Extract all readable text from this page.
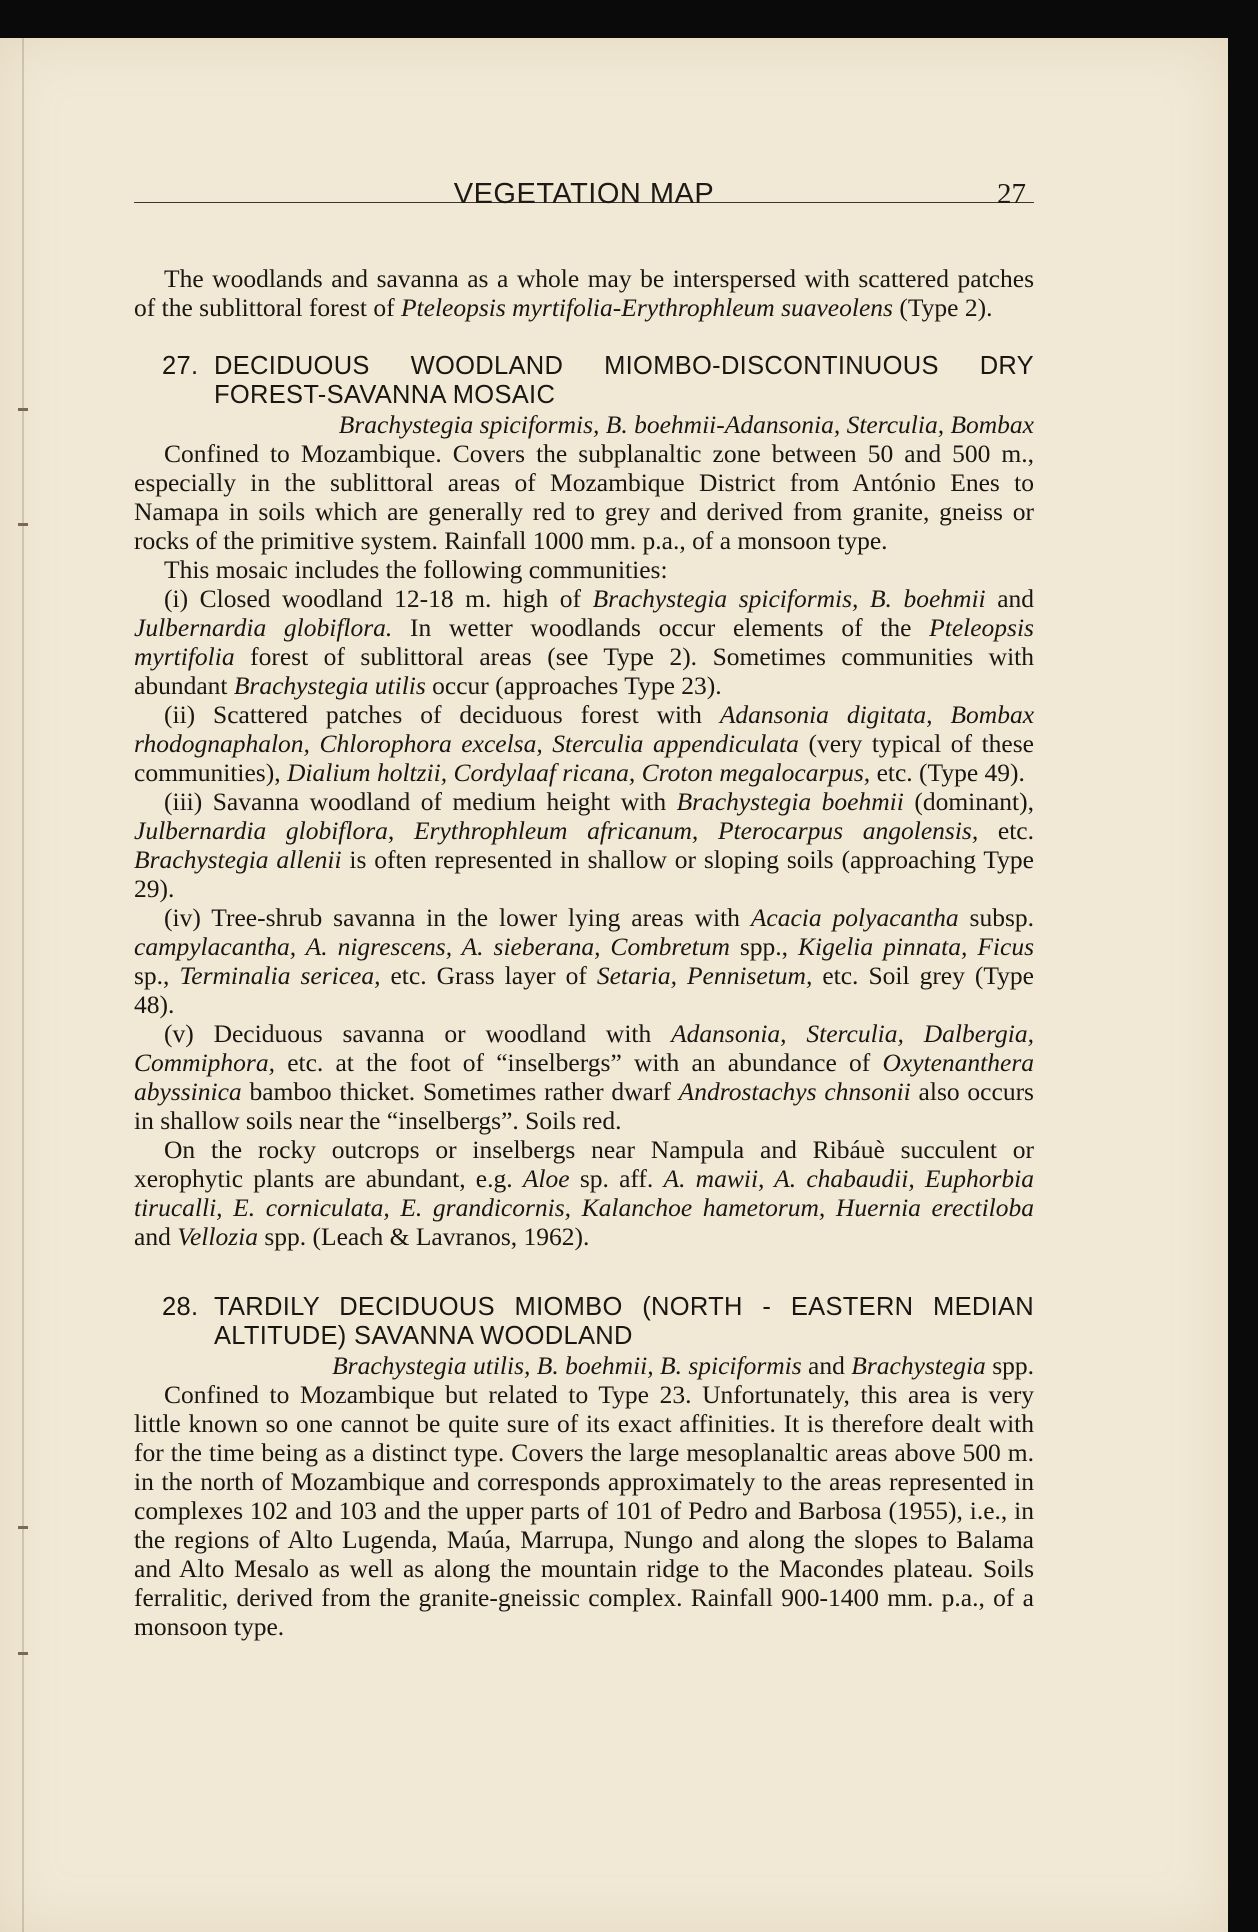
VEGETATION MAP	27

The woodlands and savanna as a whole may be interspersed with scattered patches of the sublittoral forest of Pteleopsis myrtifolia-Erythrophleum suaveolens (Type 2).

27. DECIDUOUS WOODLAND MIOMBO-DISCONTINUOUS DRY FOREST-SAVANNA MOSAIC

Brachystegia spiciformis, B. boehmii-Adansonia, Sterculia, Bombax

Confined to Mozambique. Covers the subplanaltic zone between 50 and 500 m., especially in the sublittoral areas of Mozambique District from António Enes to Namapa in soils which are generally red to grey and derived from granite, gneiss or rocks of the primitive system. Rainfall 1000 mm. p.a., of a monsoon type.

This mosaic includes the following communities:

(i) Closed woodland 12-18 m. high of Brachystegia spiciformis, B. boehmii and Julbernardia globiflora. In wetter woodlands occur elements of the Pteleopsis myrtifolia forest of sublittoral areas (see Type 2). Sometimes communities with abundant Brachystegia utilis occur (approaches Type 23).

(ii) Scattered patches of deciduous forest with Adansonia digitata, Bombax rhodognaphalon, Chlorophora excelsa, Sterculia appendiculata (very typical of these communities), Dialium holtzii, Cordylaaf ricana, Croton megalocarpus, etc. (Type 49).

(iii) Savanna woodland of medium height with Brachystegia boehmii (dominant), Julbernardia globiflora, Erythrophleum africanum, Pterocarpus angolensis, etc. Brachystegia allenii is often represented in shallow or sloping soils (approaching Type 29).

(iv) Tree-shrub savanna in the lower lying areas with Acacia polyacantha subsp. campylacantha, A. nigrescens, A. sieberana, Combretum spp., Kigelia pinnata, Ficus sp., Terminalia sericea, etc. Grass layer of Setaria, Pennisetum, etc. Soil grey (Type 48).

(v) Deciduous savanna or woodland with Adansonia, Sterculia, Dalbergia, Commiphora, etc. at the foot of “inselbergs” with an abundance of Oxytenanthera abyssinica bamboo thicket. Sometimes rather dwarf Androstachys chnsonii also occurs in shallow soils near the “inselbergs”. Soils red.

On the rocky outcrops or inselbergs near Nampula and Ribáuè succulent or xerophytic plants are abundant, e.g. Aloe sp. aff. A. mawii, A. chabaudii, Euphorbia tirucalli, E. corniculata, E. grandicornis, Kalanchoe hametorum, Huernia erectiloba and Vellozia spp. (Leach & Lavranos, 1962).

28. TARDILY DECIDUOUS MIOMBO (NORTH - EASTERN MEDIAN ALTITUDE) SAVANNA WOODLAND

Brachystegia utilis, B. boehmii, B. spiciformis and Brachystegia spp.

Confined to Mozambique but related to Type 23. Unfortunately, this area is very little known so one cannot be quite sure of its exact affinities. It is therefore dealt with for the time being as a distinct type. Covers the large mesoplanaltic areas above 500 m. in the north of Mozambique and corresponds approximately to the areas represented in complexes 102 and 103 and the upper parts of 101 of Pedro and Barbosa (1955), i.e., in the regions of Alto Lugenda, Maúa, Marrupa, Nungo and along the slopes to Balama and Alto Mesalo as well as along the mountain ridge to the Macondes plateau. Soils ferralitic, derived from the granite-gneissic complex. Rainfall 900-1400 mm. p.a., of a monsoon type.
